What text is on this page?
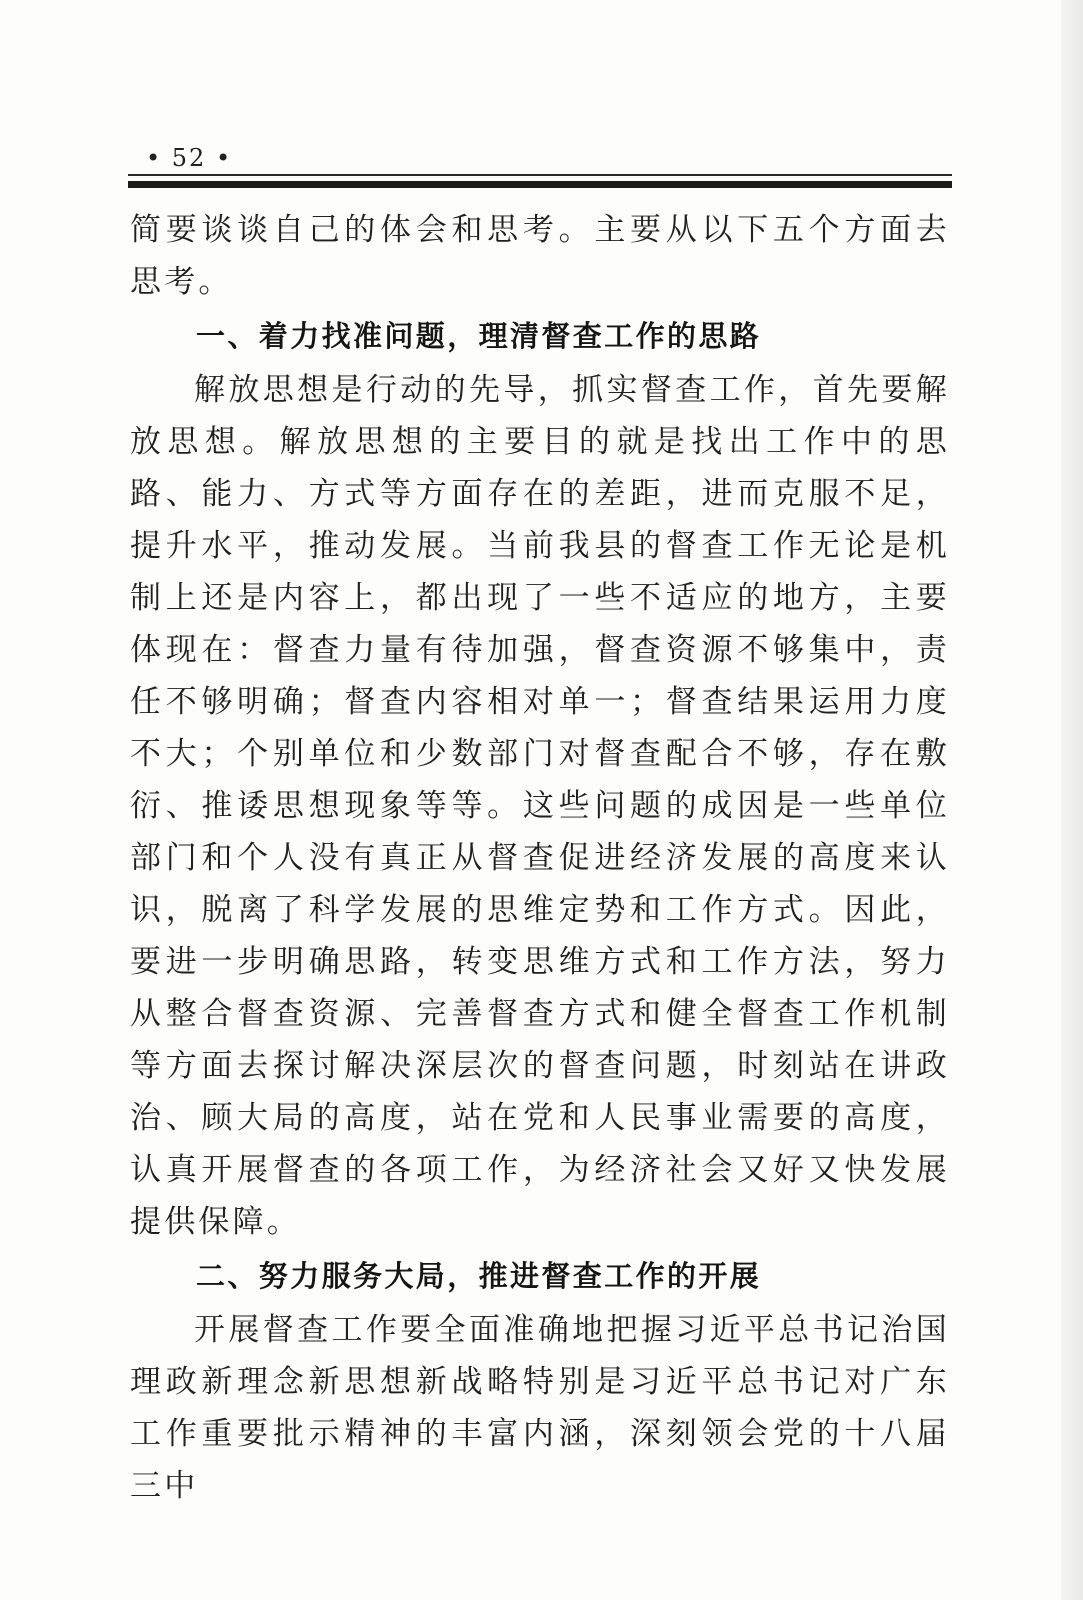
• 52 •

简要谈谈自己的体会和思考。主要从以下五个方面去思考。

一、着力找准问题，理清督查工作的思路

解放思想是行动的先导，抓实督查工作，首先要解放思想。解放思想的主要目的就是找出工作中的思路、能力、方式等方面存在的差距，进而克服不足，提升水平，推动发展。当前我县的督查工作无论是机制上还是内容上，都出现了一些不适应的地方，主要体现在：督查力量有待加强，督查资源不够集中，责任不够明确；督查内容相对单一；督查结果运用力度不大；个别单位和少数部门对督查配合不够，存在敷衍、推诿思想现象等等。这些问题的成因是一些单位部门和个人没有真正从督查促进经济发展的高度来认识，脱离了科学发展的思维定势和工作方式。因此，要进一步明确思路，转变思维方式和工作方法，努力从整合督查资源、完善督查方式和健全督查工作机制等方面去探讨解决深层次的督查问题，时刻站在讲政治、顾大局的高度，站在党和人民事业需要的高度，认真开展督查的各项工作，为经济社会又好又快发展提供保障。

二、努力服务大局，推进督查工作的开展

开展督查工作要全面准确地把握习近平总书记治国理政新理念新思想新战略特别是习近平总书记对广东工作重要批示精神的丰富内涵，深刻领会党的十八届三中
